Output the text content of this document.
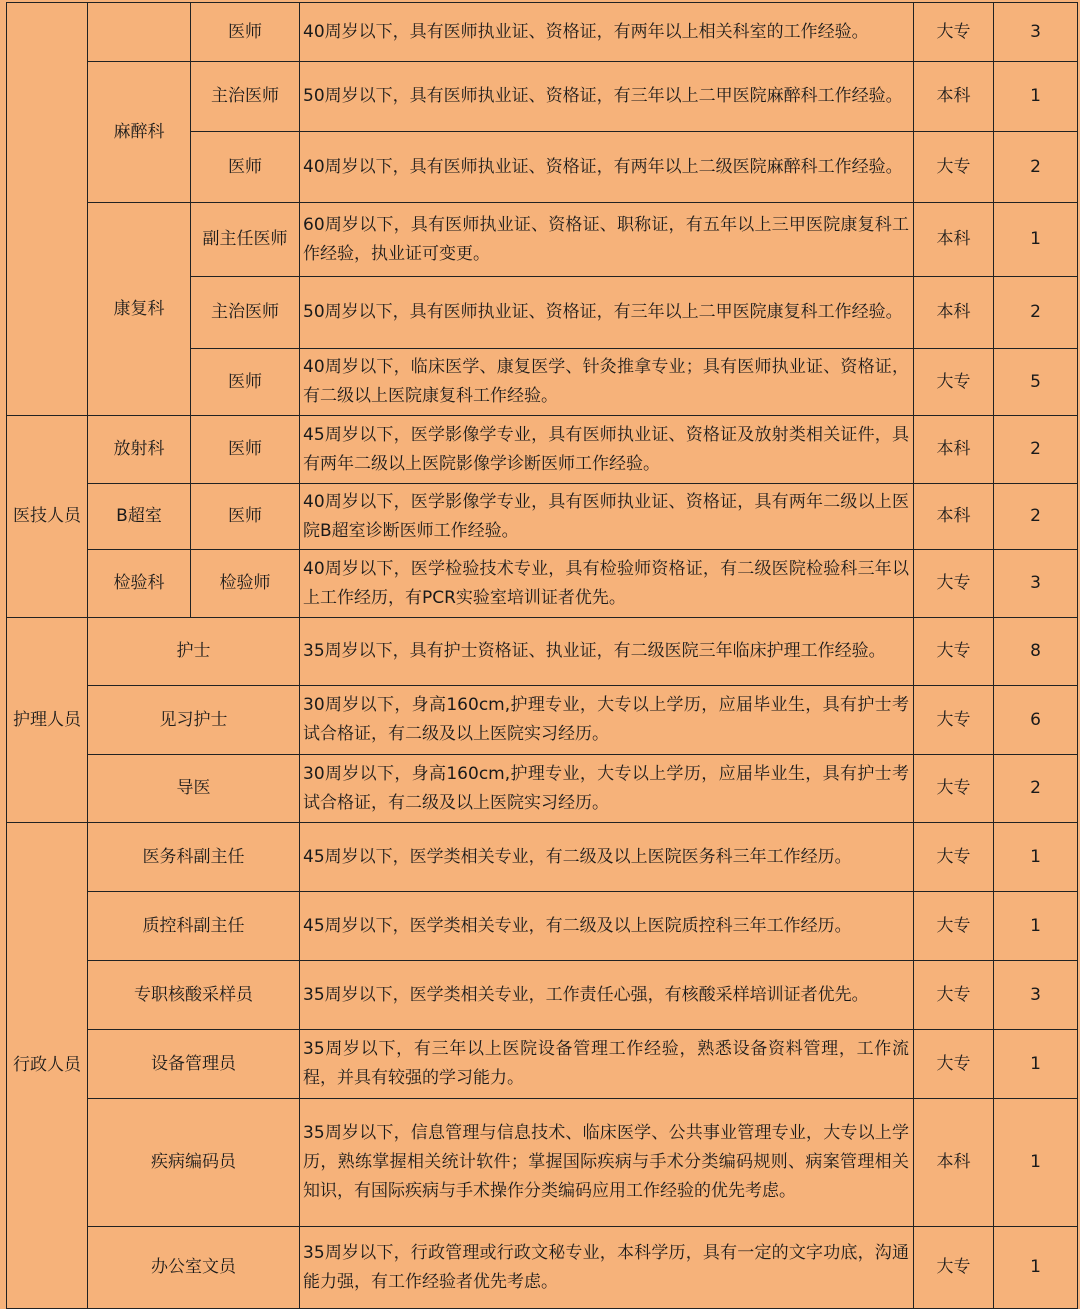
		医师	40周岁以下，具有医师执业证、资格证，有两年以上相关科室的工作经验。	大专	3
	麻醉科	主治医师	50周岁以下，具有医师执业证、资格证，有三年以上二甲医院麻醉科工作经验。	本科	1
		医师	40周岁以下，具有医师执业证、资格证，有两年以上二级医院麻醉科工作经验。	大专	2
	康复科	副主任医师	60周岁以下，具有医师执业证、资格证、职称证，有五年以上三甲医院康复科工作经验，执业证可变更。	本科	1
		主治医师	50周岁以下，具有医师执业证、资格证，有三年以上二甲医院康复科工作经验。	本科	2
		医师	40周岁以下，临床医学、康复医学、针灸推拿专业；具有医师执业证、资格证，有二级以上医院康复科工作经验。	大专	5
医技人员	放射科	医师	45周岁以下，医学影像学专业，具有医师执业证、资格证及放射类相关证件，具有两年二级以上医院影像学诊断医师工作经验。	本科	2
	B超室	医师	40周岁以下，医学影像学专业，具有医师执业证、资格证，具有两年二级以上医院B超室诊断医师工作经验。	本科	2
	检验科	检验师	40周岁以下，医学检验技术专业，具有检验师资格证，有二级医院检验科三年以上工作经历，有PCR实验室培训证者优先。	大专	3
护理人员	护士		35周岁以下，具有护士资格证、执业证，有二级医院三年临床护理工作经验。	大专	8
	见习护士		30周岁以下，身高160cm,护理专业，大专以上学历，应届毕业生，具有护士考试合格证，有二级及以上医院实习经历。	大专	6
	导医		30周岁以下，身高160cm,护理专业，大专以上学历，应届毕业生，具有护士考试合格证，有二级及以上医院实习经历。	大专	2
行政人员	医务科副主任		45周岁以下，医学类相关专业，有二级及以上医院医务科三年工作经历。	大专	1
	质控科副主任		45周岁以下，医学类相关专业，有二级及以上医院质控科三年工作经历。	大专	1
	专职核酸采样员		35周岁以下，医学类相关专业，工作责任心强，有核酸采样培训证者优先。	大专	3
	设备管理员		35周岁以下，有三年以上医院设备管理工作经验，熟悉设备资料管理，工作流程，并具有较强的学习能力。	大专	1
	疾病编码员		35周岁以下，信息管理与信息技术、临床医学、公共事业管理专业，大专以上学历，熟练掌握相关统计软件；掌握国际疾病与手术分类编码规则、病案管理相关知识，有国际疾病与手术操作分类编码应用工作经验的优先考虑。	本科	1
	办公室文员		35周岁以下，行政管理或行政文秘专业，本科学历，具有一定的文字功底，沟通能力强，有工作经验者优先考虑。	大专	1
